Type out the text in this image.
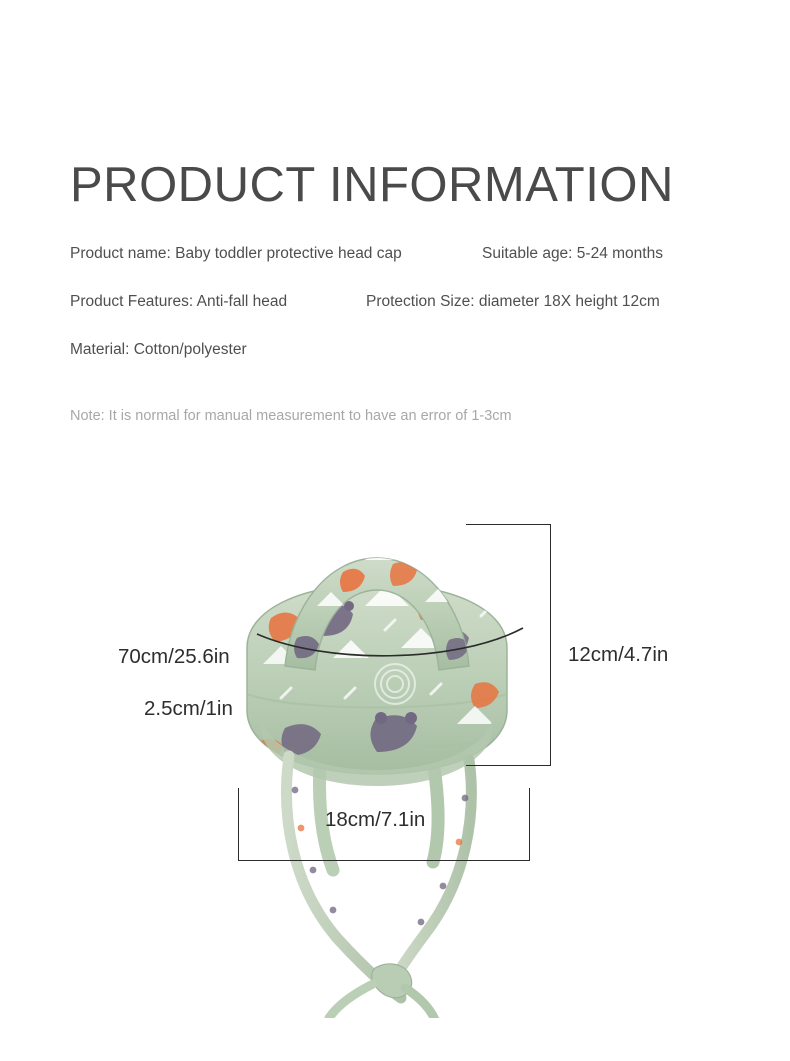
PRODUCT INFORMATION
Product name: Baby toddler protective head cap	Suitable age: 5-24 months
Product Features: Anti-fall head	Protection Size: diameter 18X height 12cm
Material: Cotton/polyester
Note: It is normal for manual measurement to have an error of 1-3cm
12cm/4.7in
70cm/25.6in
2.5cm/1in
18cm/7.1in
